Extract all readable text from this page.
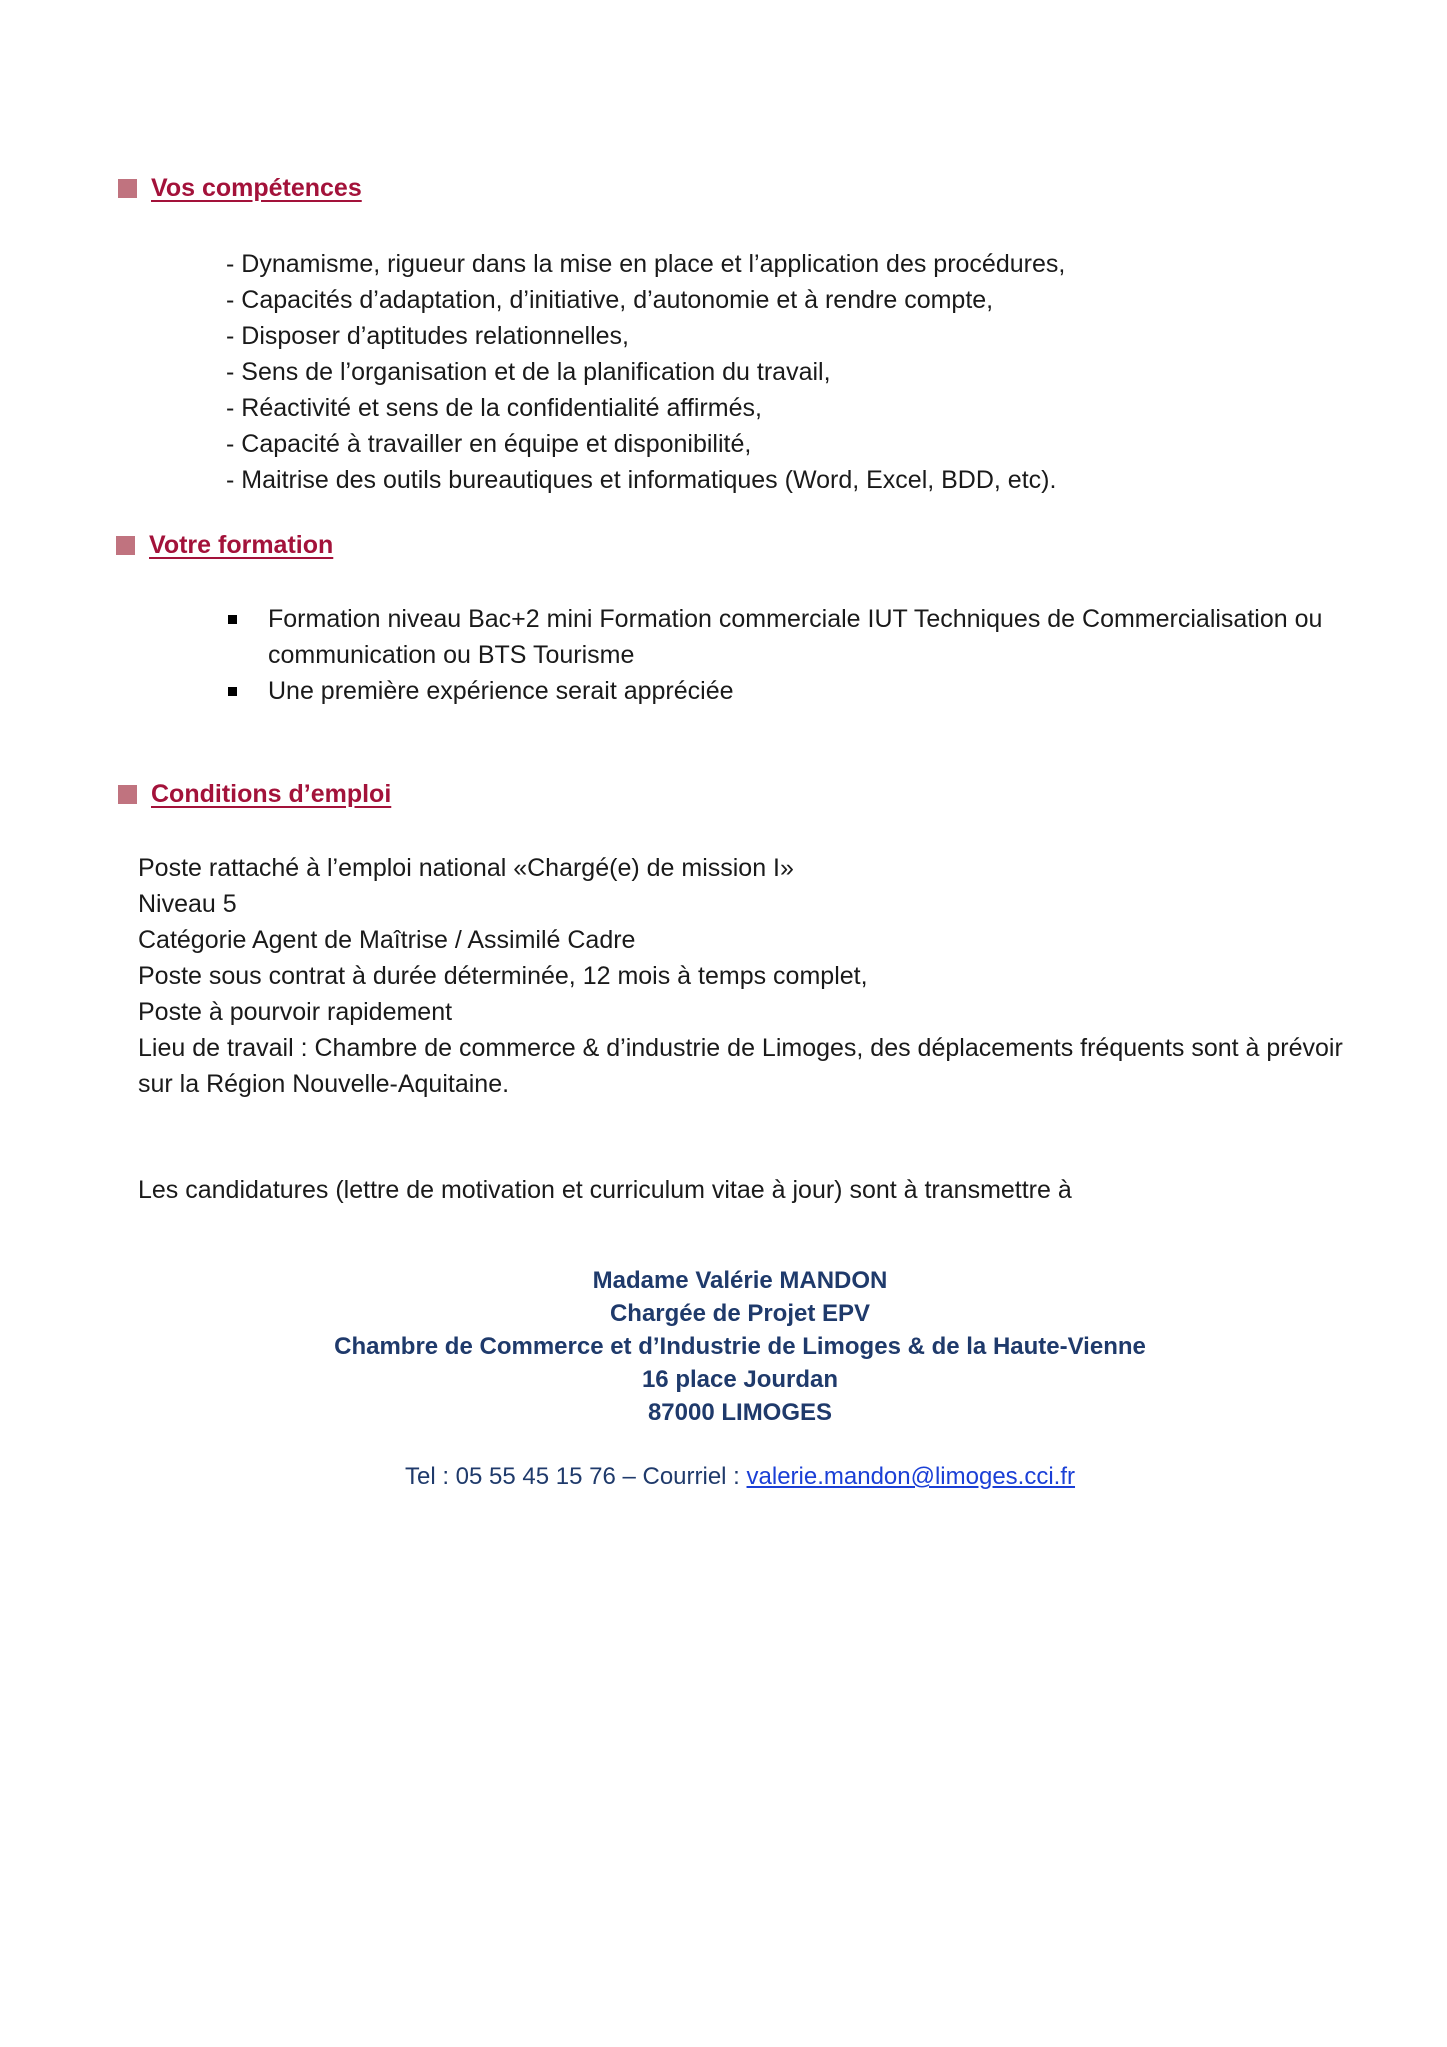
Vos compétences
- Dynamisme, rigueur dans la mise en place et l’application des procédures,
- Capacités d’adaptation, d’initiative, d’autonomie et à rendre compte,
- Disposer d’aptitudes relationnelles,
- Sens de l’organisation et de la planification du travail,
- Réactivité et sens de la confidentialité affirmés,
- Capacité à travailler en équipe et disponibilité,
- Maitrise des outils bureautiques et informatiques (Word, Excel, BDD, etc).
Votre formation
Formation niveau Bac+2 mini Formation commerciale IUT Techniques de Commercialisation ou communication ou BTS Tourisme
Une première expérience serait appréciée
Conditions d’emploi

Poste rattaché à l’emploi national «Chargé(e) de mission I»

Niveau 5

Catégorie Agent de Maîtrise / Assimilé Cadre

Poste sous contrat à durée déterminée, 12 mois à temps complet,

Poste à pourvoir rapidement

Lieu de travail : Chambre de commerce & d’industrie de Limoges, des déplacements fréquents sont à prévoir sur la Région Nouvelle-Aquitaine.

Les candidatures (lettre de motivation et curriculum vitae à jour) sont à transmettre à
Madame Valérie MANDON
Chargée de Projet EPV
Chambre de Commerce et d’Industrie de Limoges & de la Haute-Vienne
16 place Jourdan
87000 LIMOGES
Tel : 05 55 45 15 76 – Courriel : valerie.mandon@limoges.cci.fr
